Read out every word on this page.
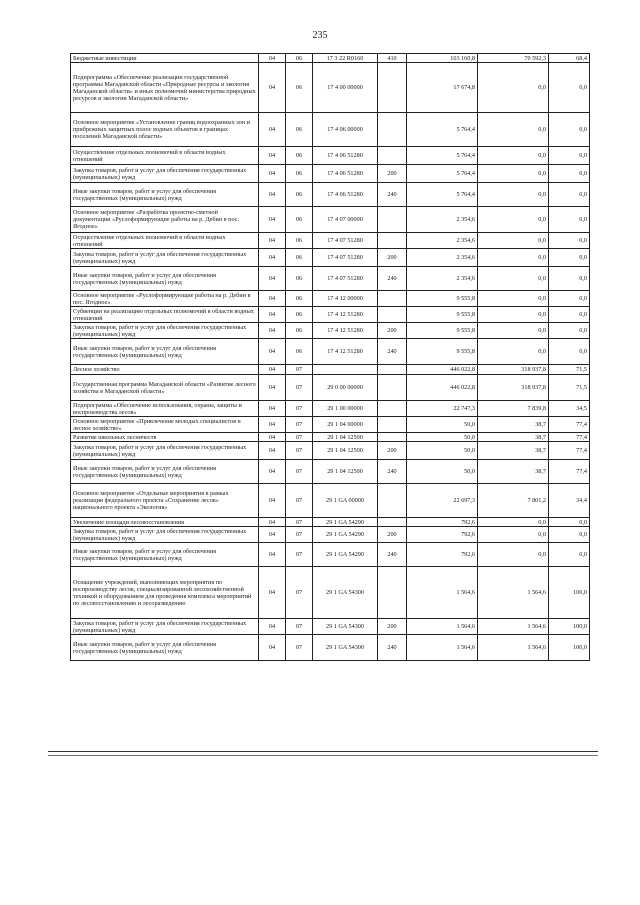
235
Бюджетные инвестиции	04	06	17 3 22 R0160	410	103 160,8	70 592,3	68,4
Подпрограмма «Обеспечение реализации государственной программы Магаданской области «Природные ресурсы и экология Магаданской области» и иных полномочий министерства природных ресурсов и экологии Магаданской области»	04	06	17 4 00 00000		17 674,8	0,0	0,0
Основное мероприятие «Установление границ водоохранных зон и прибрежных защитных полос водных объектов в границах поселений Магаданской области»	04	06	17 4 06 00000		5 764,4	0,0	0,0
Осуществление отдельных полномочий в области водных отношений	04	06	17 4 06 51280		5 764,4	0,0	0,0
Закупка товаров, работ и услуг для обеспечения государственных (муниципальных) нужд	04	06	17 4 06 51280	200	5 764,4	0,0	0,0
Иные закупки товаров, работ и услуг для обеспечения государственных (муниципальных) нужд	04	06	17 4 06 51280	240	5 764,4	0,0	0,0
Основное мероприятие «Разработка проектно-сметной документации «Руслоформирующие работы на р. Дебин в пос. Ягодное»	04	06	17 4 07 00000		2 354,6	0,0	0,0
Осуществление отдельных полномочий в области водных отношений	04	06	17 4 07 51280		2 354,6	0,0	0,0
Закупка товаров, работ и услуг для обеспечения государственных (муниципальных) нужд	04	06	17 4 07 51280	200	2 354,6	0,0	0,0
Иные закупки товаров, работ и услуг для обеспечения государственных (муниципальных) нужд	04	06	17 4 07 51280	240	2 354,6	0,0	0,0
Основное мероприятие «Руслоформирующие работы на р. Дебин в пос. Ягодное»	04	06	17 4 12 00000		9 555,8	0,0	0,0
Субвенции на реализацию отдельных полномочий в области водных отношений	04	06	17 4 12 51280		9 555,8	0,0	0,0
Закупка товаров, работ и услуг для обеспечения государственных (муниципальных) нужд	04	06	17 4 12 51280	200	9 555,8	0,0	0,0
Иные закупки товаров, работ и услуг для обеспечения государственных (муниципальных) нужд	04	06	17 4 12 51280	240	9 555,8	0,0	0,0
Лесное хозяйство	04	07			446 022,8	318 937,8	71,5
Государственная программа Магаданской области «Развитие лесного хозяйства в Магаданской области»	04	07	29 0 00 00000		446 022,8	318 937,8	71,5
Подпрограмма «Обеспечение использования, охраны, защиты и воспроизводства лесов»	04	07	29 1 00 00000		22 747,3	7 839,8	34,5
Основное мероприятие «Привлечение молодых специалистов в лесное хозяйство»	04	07	29 1 04 00000		50,0	38,7	77,4
Развитие школьных лесничеств	04	07	29 1 04 12500		50,0	38,7	77,4
Закупка товаров, работ и услуг для обеспечения государственных (муниципальных) нужд	04	07	29 1 04 12500	200	50,0	38,7	77,4
Иные закупки товаров, работ и услуг для обеспечения государственных (муниципальных) нужд	04	07	29 1 04 12500	240	50,0	38,7	77,4
Основное мероприятие «Отдельные мероприятия в рамках реализации федерального проекта «Сохранение лесов» национального проекта «Экология»	04	07	29 1 GA 00000		22 697,3	7 801,2	34,4
Увеличение площади лесовосстановления	04	07	29 1 GA 54290		792,6	0,0	0,0
Закупка товаров, работ и услуг для обеспечения государственных (муниципальных) нужд	04	07	29 1 GA 54290	200	792,6	0,0	0,0
Иные закупки товаров, работ и услуг для обеспечения государственных (муниципальных) нужд	04	07	29 1 GA 54290	240	792,6	0,0	0,0
Оснащение учреждений, выполняющих мероприятия по воспроизводству лесов, специализированной лесохозяйственной техникой и оборудованием для проведения комплекса мероприятий по лесовосстановлению и лесоразведению	04	07	29 1 GA 54300		1 564,6	1 564,6	100,0
Закупка товаров, работ и услуг для обеспечения государственных (муниципальных) нужд	04	07	29 1 GA 54300	200	1 564,6	1 564,6	100,0
Иные закупки товаров, работ и услуг для обеспечения государственных (муниципальных) нужд	04	07	29 1 GA 54300	240	1 564,6	1 564,6	100,0
